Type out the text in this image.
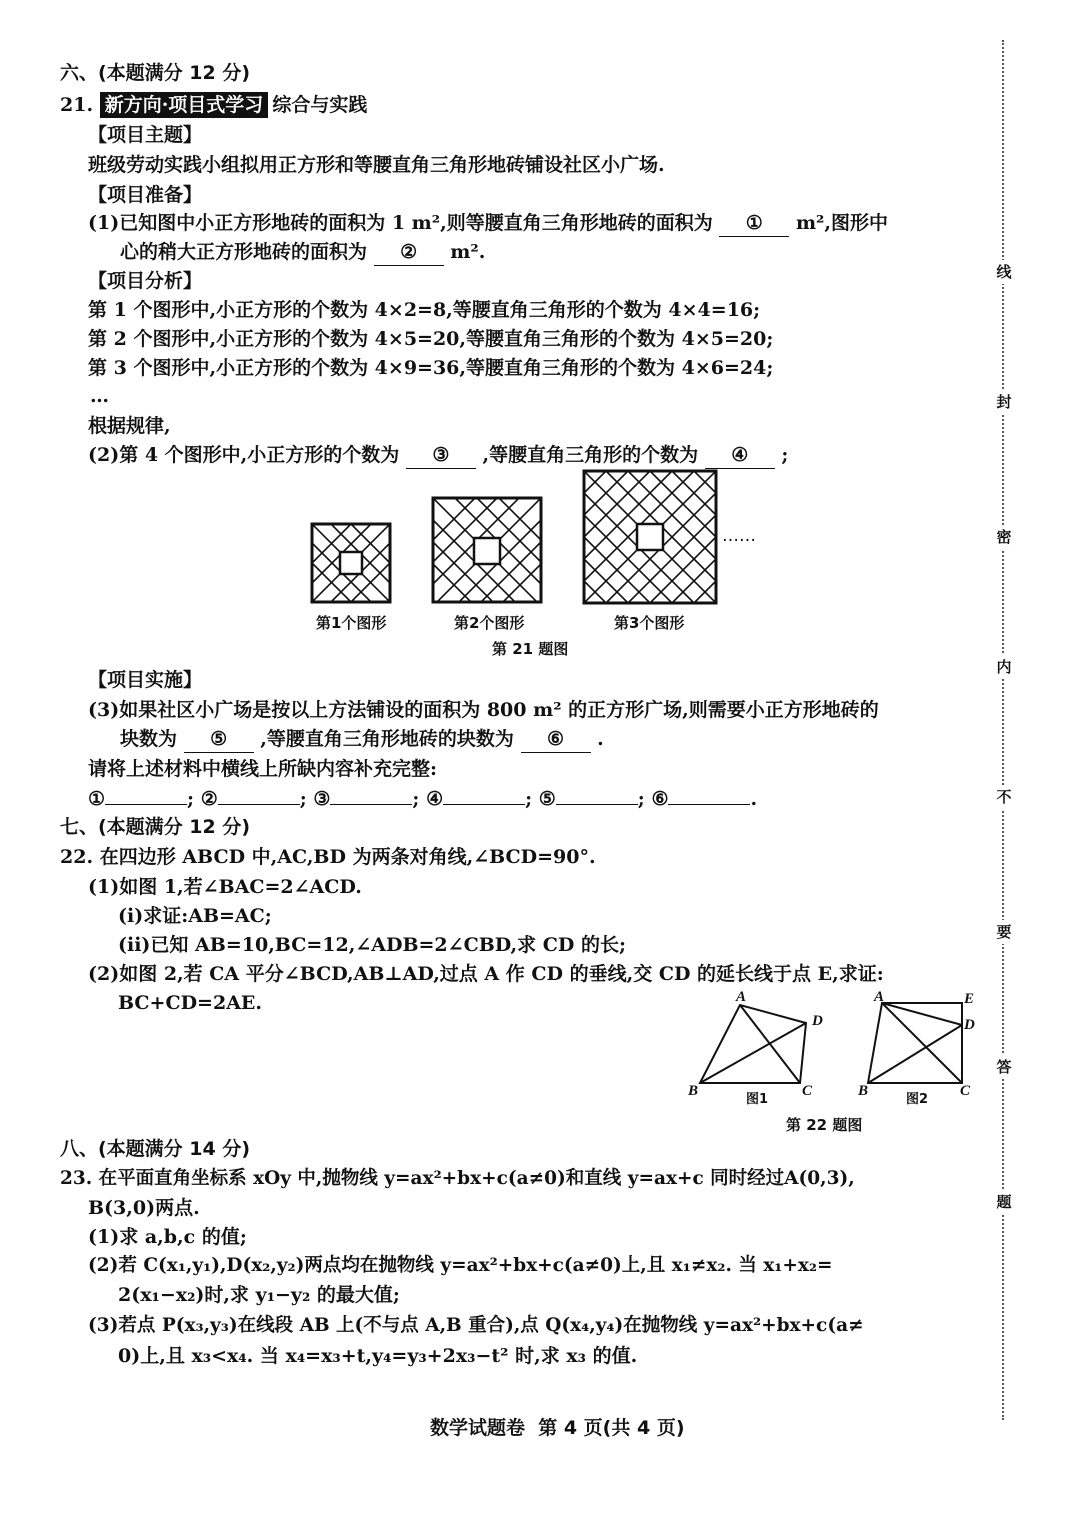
六、(本题满分 12 分)
21. 新方向·项目式学习 综合与实践
【项目主题】
班级劳动实践小组拟用正方形和等腰直角三角形地砖铺设社区小广场.
【项目准备】
(1)已知图中小正方形地砖的面积为 1 m²,则等腰直角三角形地砖的面积为 ① m²,图形中
心的稍大正方形地砖的面积为 ② m².
【项目分析】
第 1 个图形中,小正方形的个数为 4×2=8,等腰直角三角形的个数为 4×4=16;
第 2 个图形中,小正方形的个数为 4×5=20,等腰直角三角形的个数为 4×5=20;
第 3 个图形中,小正方形的个数为 4×9=36,等腰直角三角形的个数为 4×6=24;
…
根据规律,
(2)第 4 个图形中,小正方形的个数为 ③ ,等腰直角三角形的个数为 ④ ;
……
第1个图形	第2个图形	第3个图形
第 21 题图
【项目实施】
(3)如果社区小广场是按以上方法铺设的面积为 800 m² 的正方形广场,则需要小正方形地砖的
块数为 ⑤ ,等腰直角三角形地砖的块数为 ⑥ .
请将上述材料中横线上所缺内容补充完整:
①	; ②	; ③	; ④	; ⑤	; ⑥	.
七、(本题满分 12 分)
22. 在四边形 ABCD 中,AC,BD 为两条对角线,∠BCD=90°.
(1)如图 1,若∠BAC=2∠ACD.
(i)求证:AB=AC;
(ii)已知 AB=10,BC=12,∠ADB=2∠CBD,求 CD 的长;
(2)如图 2,若 CA 平分∠BCD,AB⊥AD,过点 A 作 CD 的垂线,交 CD 的延长线于点 E,求证:
BC+CD=2AE.	A
B	C
D
A
B	C
D
E
图1	图2
第 22 题图
八、(本题满分 14 分)
23. 在平面直角坐标系 xOy 中,抛物线 y=ax²+bx+c(a≠0)和直线 y=ax+c 同时经过A(0,3),
B(3,0)两点.
(1)求 a,b,c 的值;
(2)若 C(x₁,y₁),D(x₂,y₂)两点均在抛物线 y=ax²+bx+c(a≠0)上,且 x₁≠x₂. 当 x₁+x₂=
2(x₁−x₂)时,求 y₁−y₂ 的最大值;
(3)若点 P(x₃,y₃)在线段 AB 上(不与点 A,B 重合),点 Q(x₄,y₄)在抛物线 y=ax²+bx+c(a≠
0)上,且 x₃<x₄. 当 x₄=x₃+t,y₄=y₃+2x₃−t² 时,求 x₃ 的值.
数学试题卷  第 4 页(共 4 页)
线
封
密
内
不
要
答
题
